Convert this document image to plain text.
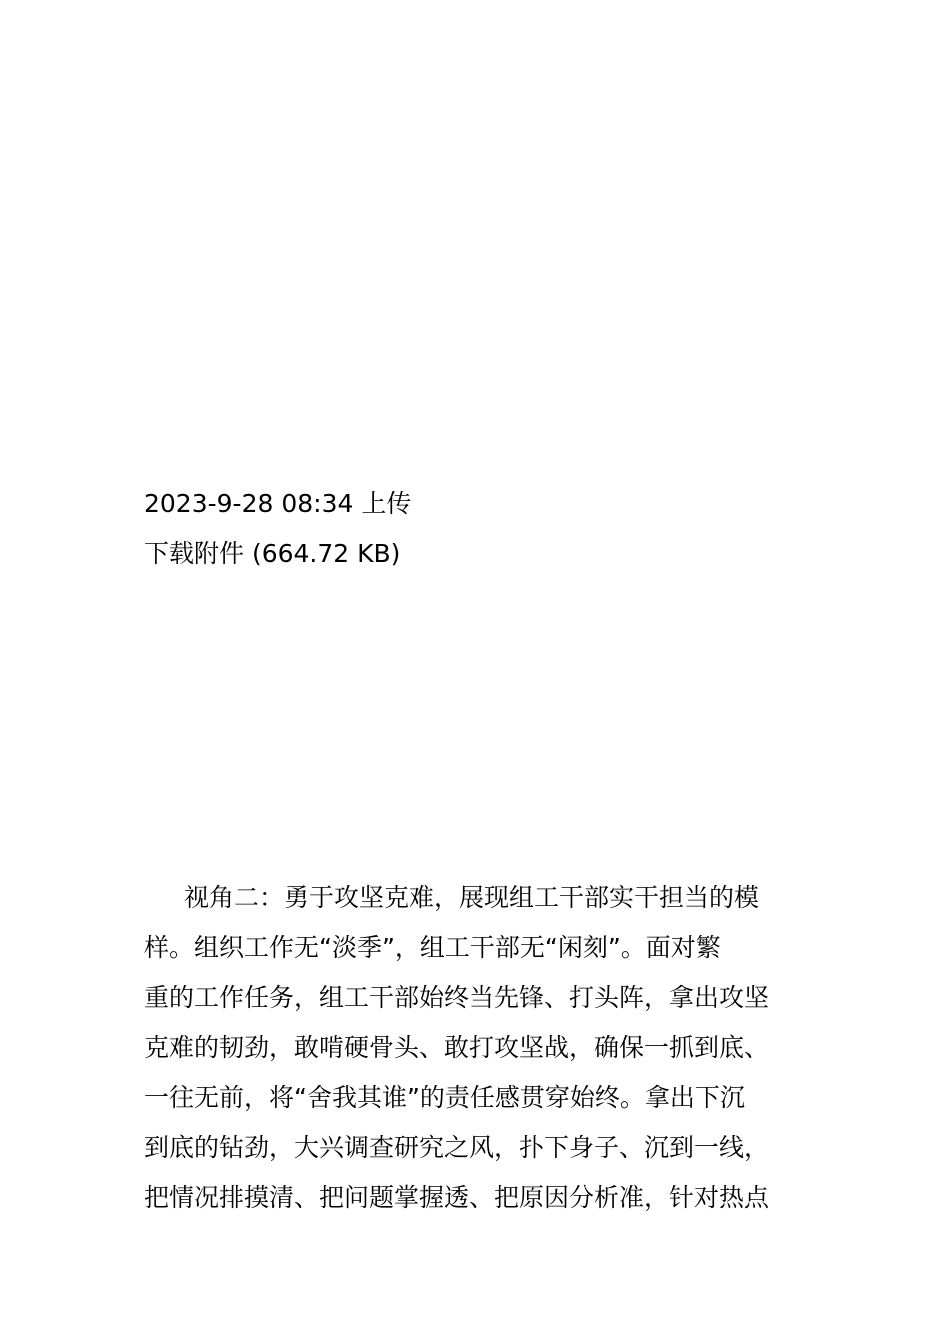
2023-9-28 08:34 上传
下载附件 (664.72 KB)
视角二：勇于攻坚克难，展现组工干部实干担当的模
样。组织工作无“淡季”，组工干部无“闲刻”。面对繁
重的工作任务，组工干部始终当先锋、打头阵，拿出攻坚
克难的韧劲，敢啃硬骨头、敢打攻坚战，确保一抓到底、
一往无前，将“舍我其谁”的责任感贯穿始终。拿出下沉
到底的钻劲，大兴调查研究之风，扑下身子、沉到一线，
把情况排摸清、把问题掌握透、把原因分析准，针对热点
